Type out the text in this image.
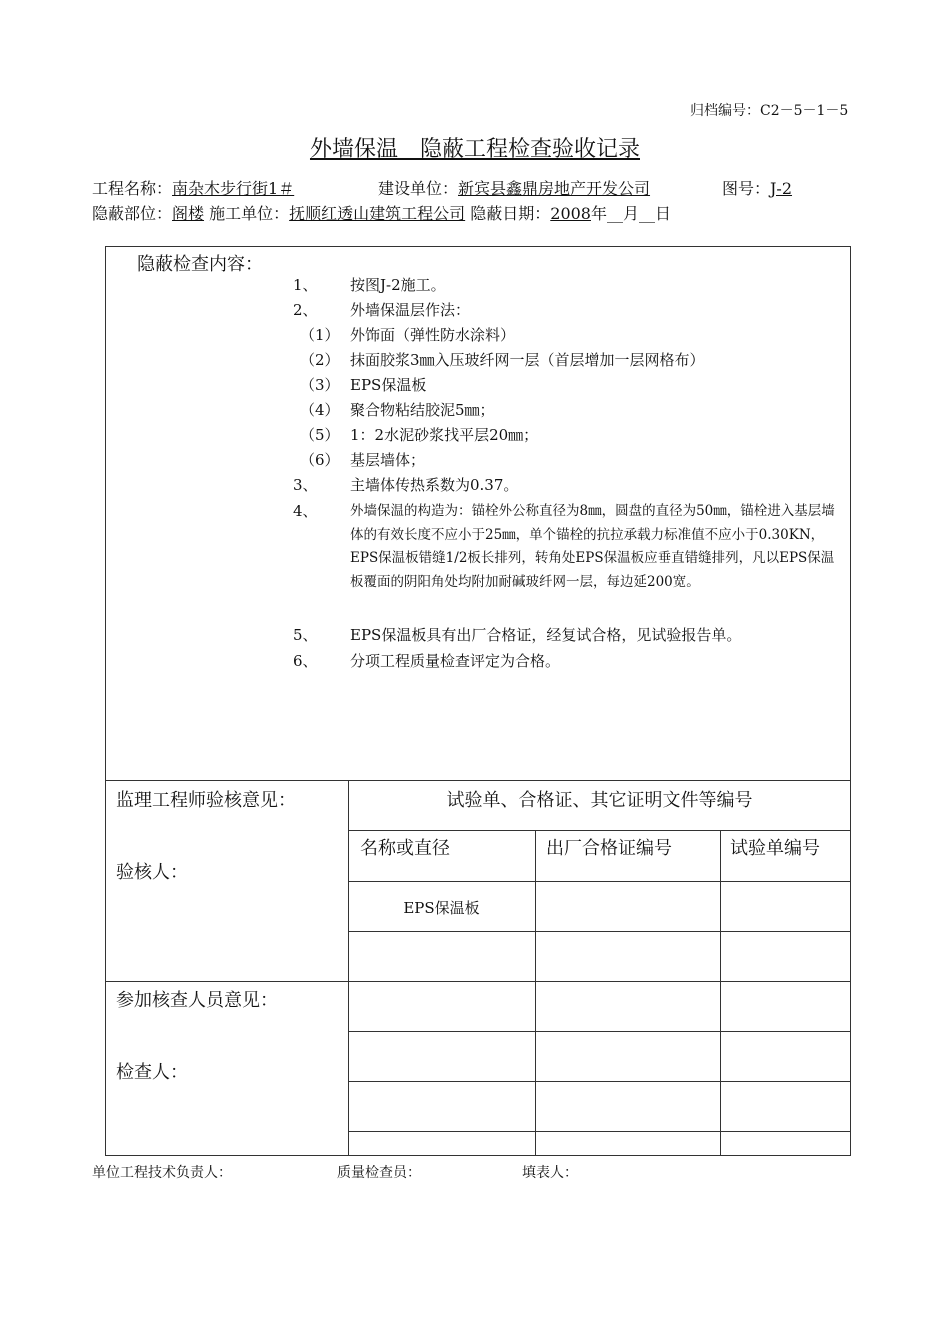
归档编号：C2－5－1－5
外墙保温　隐蔽工程检查验收记录
工程名称：南杂木步行街1＃	建设单位：新宾县鑫鼎房地产开发公司	图号：J-2
隐蔽部位：阁楼 施工单位：抚顺红透山建筑工程公司 隐蔽日期：2008年__月__日
隐蔽检查内容：
1、 按图J-2施工。
2、 外墙保温层作法：
（1） 外饰面（弹性防水涂料）
（2） 抹面胶浆3㎜入压玻纤网一层（首层增加一层网格布）
（3） EPS保温板
（4） 聚合物粘结胶泥5㎜；
（5） 1：2水泥砂浆找平层20㎜；
（6） 基层墙体；
3、 主墙体传热系数为0.37。
4、 外墙保温的构造为：锚栓外公称直径为8㎜，圆盘的直径为50㎜，锚栓进入基层墙体的有效长度不应小于25㎜，单个锚栓的抗拉承载力标准值不应小于0.30KN，EPS保温板错缝1/2板长排列，转角处EPS保温板应垂直错缝排列，凡以EPS保温板覆面的阴阳角处均附加耐碱玻纤网一层，每边延200宽。
5、 EPS保温板具有出厂合格证，经复试合格，见试验报告单。
6、 分项工程质量检查评定为合格。
监理工程师验核意见：
验核人：
试验单、合格证、其它证明文件等编号
名称或直径	出厂合格证编号	试验单编号
EPS保温板
参加核查人员意见：
检查人：
单位工程技术负责人：	质量检查员：	填表人：
